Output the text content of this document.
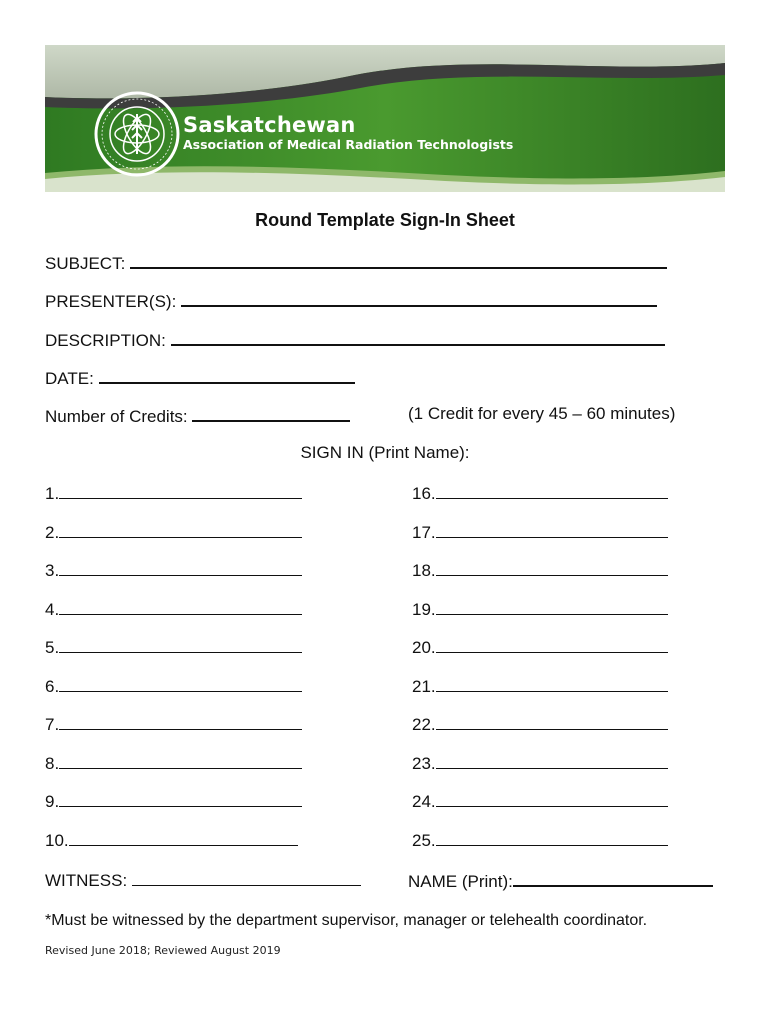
Saskatchewan
Association of Medical Radiation Technologists
Round Template Sign-In Sheet
SUBJECT:
PRESENTER(S):
DESCRIPTION:
DATE:
Number of Credits:	(1 Credit for every 45 – 60 minutes)
SIGN IN (Print Name):
1.
2.
3.
4.
5.
6.
7.
8.
9.
10.
16.
17.
18.
19.
20.
21.
22.
23.
24.
25.
WITNESS:	NAME (Print):
*Must be witnessed by the department supervisor, manager or telehealth coordinator.
Revised June 2018; Reviewed August 2019
